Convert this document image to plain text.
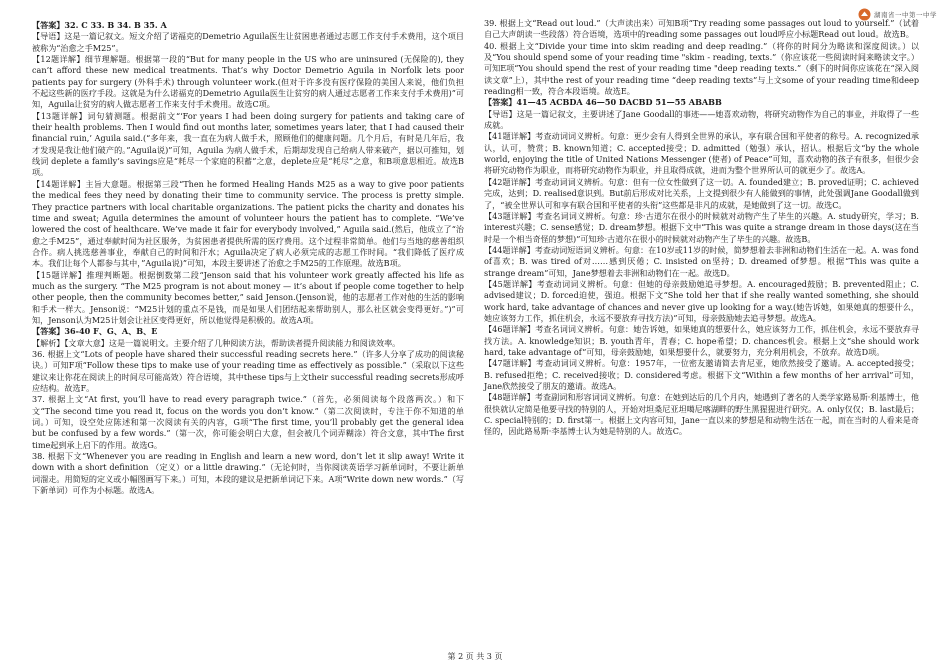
湖南省一中第一中学

【答案】32. C 33. B 34. B 35. A

【导语】这是一篇记叙文。短文介绍了诺福克的Demetrio Aguila医生让贫困患者通过志愿工作支付手术费用，这个项目被称为“治愈之手M25”。

【12题详解】细节理解题。根据第一段的“But for many people in the US who are uninsured (无保险的), they can’t afford these new medical treatments. That’s why Doctor Demetrio Aguila in Norfolk lets poor patients pay for surgery (外科手术) through volunteer work.(但对于许多没有医疗保险的美国人来说，他们负担不起这些新的医疗手段。这就是为什么诺福克的Demetrio Aguila医生让贫穷的病人通过志愿者工作来支付手术费用)”可知，Aguila让贫穷的病人做志愿者工作来支付手术费用。故选C项。

【13题详解】词句猜测题。根据前文“‘For years I had been doing surgery for patients and taking care of their health problems. Then I would find out months later, sometimes years later, that I had caused their financial ruin,’ Aguila said.(“多年来，我一直在为病人做手术，照顾他们的健康问题。几个月后，有时是几年后，我才发现是我让他们破产的。”Aguila说)”可知，Aguila 为病人做手术，后期却发现自己给病人带来破产，据以可推知，划线词 deplete a family’s savings应是“耗尽一个家庭的积蓄”之意，deplete应是“耗尽”之意，和B项意思相近。故选B项。

【14题详解】主旨大意题。根据第三段“Then he formed Healing Hands M25 as a way to give poor patients the medical fees they need by donating their time to community service. The process is pretty simple. They practice partners with local charitable organizations. The patient picks the charity and donates his time and sweat; Aguila determines the amount of volunteer hours the patient has to complete. “We’ve lowered the cost of healthcare. We’ve made it fair for everybody involved,” Aguila said.(然后，他成立了“治愈之手M25”，通过奉献时间为社区服务，为贫困患者提供所需的医疗费用。这个过程非常简单。他们与当地的慈善组织合作。病人挑选慈善事业，奉献自己的时间和汗水；Aguila决定了病人必须完成的志愿工作时间。“我们降低了医疗成本。我们让每个人都参与其中，”Aguila说)”可知，本段主要讲述了治愈之手M25的工作原理。故选B项。

【15题详解】推理判断题。根据倒数第二段“Jenson said that his volunteer work greatly affected his life as much as the surgery. “The M25 program is not about money — it’s about if people come together to help other people, then the community becomes better,” said Jenson.(Jenson说，他的志愿者工作对他的生活的影响和手术一样大。Jenson说：“M25计划的重点不是钱，而是如果人们团结起来帮助别人，那么社区就会变得更好。”)”可知，Jenson认为M25计划会让社区变得更好，所以他觉得是积极的。故选A项。

【答案】36-40 F、G、A、B、E

【解析】【文章大意】这是一篇说明文。主要介绍了几种阅读方法，帮助读者提升阅读能力和阅读效率。

36. 根据上文“Lots of people have shared their successful reading secrets here.”（许多人分享了成功的阅读秘诀。）可知F项“Follow these tips to make use of your reading time as effectively as possible.”（采取以下这些建议来让你花在阅读上的时间尽可能高效）符合语境，其中these tips与上文their successful reading secrets形成呼应结构。故选F。

37. 根据上文“At first, you’ll have to read every paragraph twice.”（首先，必须阅读每个段落两次。）和下文“The second time you read it, focus on the words you don’t know.”（第二次阅读时，专注于你不知道的单词。）可知，设空处应陈述和第一次阅读有关的内容，G项“The first time, you’ll probably get the general idea but be confused by a few words.”（第一次，你可能会明白大意，但会被几个词弄糊涂）符合文意，其中The first time起到承上启下的作用。故选G。

38. 根据下文“Whenever you are reading in English and learn a new word, don’t let it slip away! Write it down with a short definition （定义）or a little drawing.”（无论何时，当你阅读英语学习新单词时，不要让新单词溜走。用简短的定义或小幅图画写下来。）可知，本段的建议是把新单词记下来。A项“Write down new words.”（写下新单词）可作为小标题。故选A。

39. 根据上文“Read out loud.”（大声读出来）可知B项“Try reading some passages out loud to yourself.”（试着自己大声朗读一些段落）符合语境，选项中的reading some passages out loud呼应小标题Read out loud。故选B。

40. 根据上文“Divide your time into skim reading and deep reading.”（将你的时间分为略读和深度阅读。）以及“You should spend some of your reading time "skim - reading, texts.”（你应该花一些阅读时间来略读文字。）可知E项“You should spend the rest of your reading time "deep reading texts.”（剩下的时间你应该花在“深入阅读文章”上），其中the rest of your reading time “deep reading texts”与上文some of your reading time和deep reading相一致，符合本段语境。故选E。

【答案】41—45 ACBDA 46—50 DACBD 51—55 ABABB

【导语】这是一篇记叙文，主要讲述了Jane Goodall的事迹——她喜欢动物，将研究动物作为自己的事业，并取得了一些成就。

【41题详解】考查动词词义辨析。句意：更少会有人得到全世界的承认，享有联合国和平使者的称号。A. recognized承认，认可，赞赏；B. known知道；C. accepted接受；D. admitted（勉强）承认，招认。根据后文“by the whole world, enjoying the title of United Nations Messenger (使者) of Peace”可知，喜欢动物的孩子有很多，但很少会将研究动物作为职业，而将研究动物作为职业，并且取得成就，进而为整个世界所认可的就更少了。故选A。

【42题详解】考查动词词义辨析。句意：但有一位女性做到了这一切。A. founded建立；B. proved证明；C. achieved完成，达到；D. realised意识到。But前后形成对比关系，上文提到很少有人能做到的事情，此处强调Jane Goodall做到了，“被全世界认可和享有联合国和平使者的头衔”这些都是非凡的成就，是她做到了这一切。故选C。

【43题详解】考查名词词义辨析。句意：珍·古道尔在很小的时候就对动物产生了毕生的兴趣。A. study研究，学习；B. interest兴趣；C. sense感觉；D. dream梦想。根据下文中“This was quite a strange dream in those days(这在当时是一个相当奇怪的梦想)”可知珍·古道尔在很小的时候就对动物产生了毕生的兴趣。故选B。

【44题详解】考查动词短语词义辨析。句意：在10岁或11岁的时候，简梦想着去非洲和动物们生活在一起。A. was fond of喜欢；B. was tired of对……感到厌倦；C. insisted on坚持；D. dreamed of梦想。根据“This was quite a strange dream”可知，Jane梦想着去非洲和动物们在一起。故选D。

【45题详解】考查动词词义辨析。句意：但她的母亲鼓励她追寻梦想。A. encouraged鼓励；B. prevented阻止；C. advised建议；D. forced迫使，强迫。根据下文“She told her that if she really wanted something, she should work hard, take advantage of chances and never give up looking for a way.(她告诉她，如果她真的想要什么，她应该努力工作，抓住机会，永远不要放弃寻找方法)”可知，母亲鼓励她去追寻梦想。故选A。

【46题详解】考查名词词义辨析。句意：她告诉她，如果她真的想要什么，她应该努力工作，抓住机会，永远不要放弃寻找方法。A. knowledge知识；B. youth青年，青春；C. hope希望；D. chances机会。根据上文“she should work hard, take advantage of”可知，母亲鼓励她，如果想要什么，就要努力，充分利用机会，不放弃。故选D项。

【47题详解】考查动词词义辨析。句意：1957年，一位密友邀请简去肯尼亚，她欣然接受了邀请。A. accepted接受；B. refused拒绝；C. received接收；D. considered考虑。根据下文“Within a few months of her arrival”可知，Jane欣然接受了朋友的邀请。故选A。

【48题详解】考查副词和形容词词义辨析。句意：在她到达后的几个月内，她遇到了著名的人类学家路易斯·利基博士，他很快就认定简是他要寻找的特别的人，开始对坦桑尼亚坦噶尼喀湖畔的野生黑猩猩进行研究。A. only仅仅；B. last最后；C. special特别的；D. first第一。根据上文内容可知，Jane一直以来的梦想是和动物生活在一起，而在当时的人看来是奇怪的，因此路易斯·李基博士认为她是特别的人。故选C。

第 2 页 共 3 页
